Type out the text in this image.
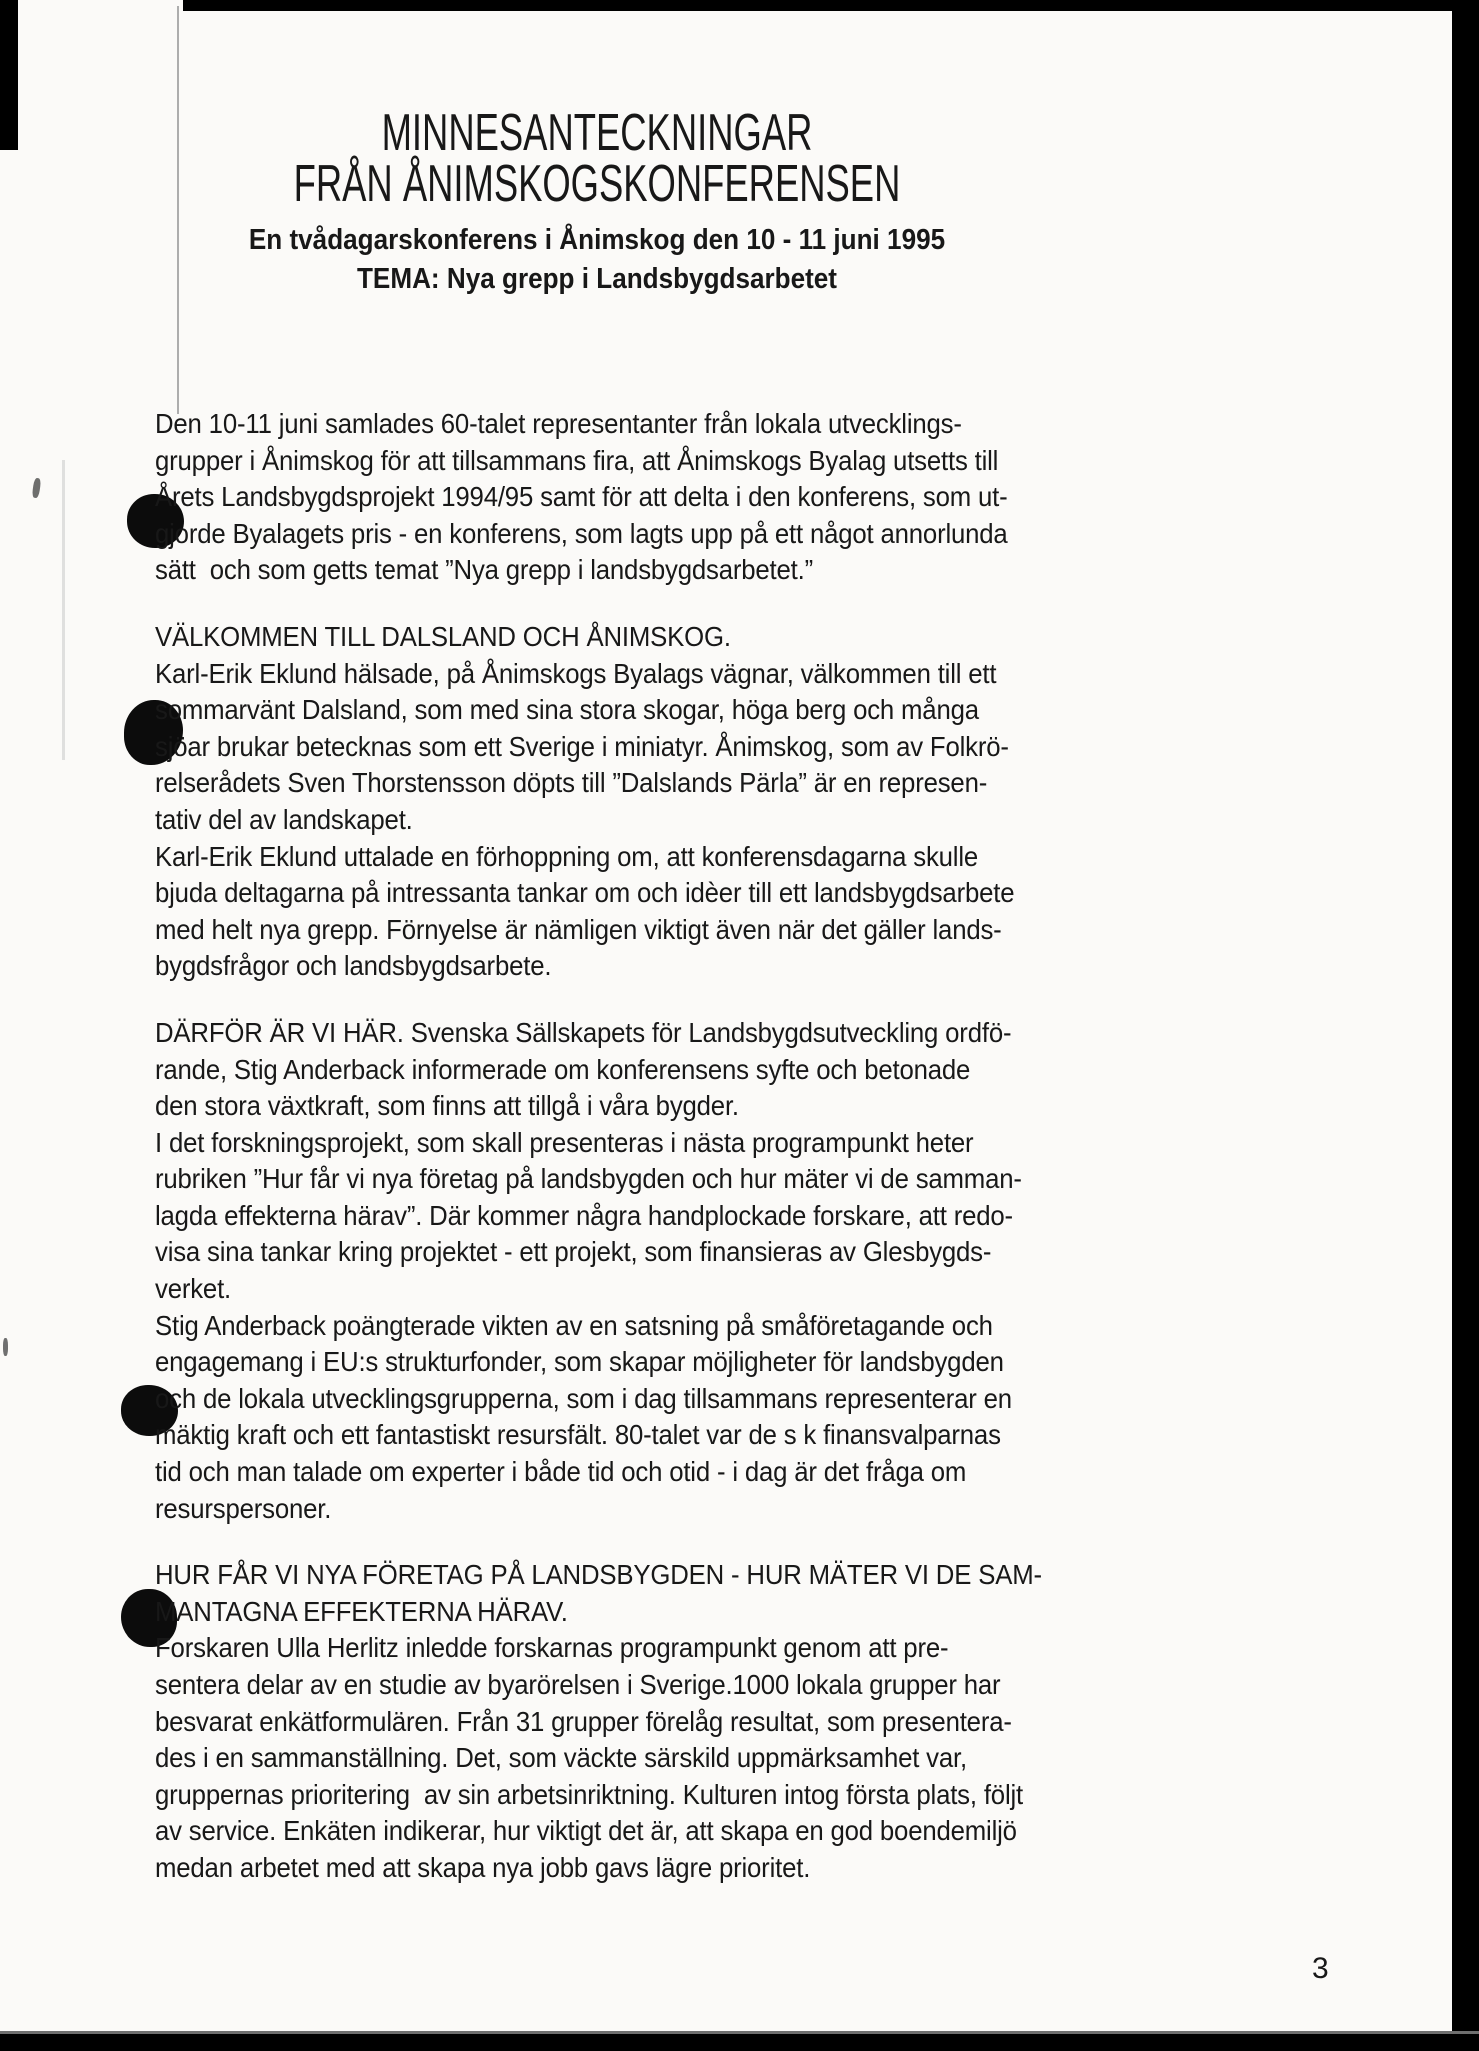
MINNESANTECKNINGAR
FRÅN ÅNIMSKOGSKONFERENSEN
En tvådagarskonferens i Ånimskog den 10 - 11 juni 1995
TEMA: Nya grepp i Landsbygdsarbetet
Den 10-11 juni samlades 60-talet representanter från lokala utvecklings-
grupper i Ånimskog för att tillsammans fira, att Ånimskogs Byalag utsetts till
Årets Landsbygdsprojekt 1994/95 samt för att delta i den konferens, som ut-
gjorde Byalagets pris - en konferens, som lagts upp på ett något annorlunda
sätt  och som getts temat ”Nya grepp i landsbygdsarbetet.”
VÄLKOMMEN TILL DALSLAND OCH ÅNIMSKOG.
Karl-Erik Eklund hälsade, på Ånimskogs Byalags vägnar, välkommen till ett
sommarvänt Dalsland, som med sina stora skogar, höga berg och många
sjöar brukar betecknas som ett Sverige i miniatyr. Ånimskog, som av Folkrö-
relserådets Sven Thorstensson döpts till ”Dalslands Pärla” är en represen-
tativ del av landskapet.
Karl-Erik Eklund uttalade en förhoppning om, att konferensdagarna skulle
bjuda deltagarna på intressanta tankar om och idèer till ett landsbygdsarbete
med helt nya grepp. Förnyelse är nämligen viktigt även när det gäller lands-
bygdsfrågor och landsbygdsarbete.
DÄRFÖR ÄR VI HÄR. Svenska Sällskapets för Landsbygdsutveckling ordfö-
rande, Stig Anderback informerade om konferensens syfte och betonade
den stora växtkraft, som finns att tillgå i våra bygder.
I det forskningsprojekt, som skall presenteras i nästa programpunkt heter
rubriken ”Hur får vi nya företag på landsbygden och hur mäter vi de samman-
lagda effekterna härav”. Där kommer några handplockade forskare, att redo-
visa sina tankar kring projektet - ett projekt, som finansieras av Glesbygds-
verket.
Stig Anderback poängterade vikten av en satsning på småföretagande och
engagemang i EU:s strukturfonder, som skapar möjligheter för landsbygden
och de lokala utvecklingsgrupperna, som i dag tillsammans representerar en
mäktig kraft och ett fantastiskt resursfält. 80-talet var de s k finansvalparnas
tid och man talade om experter i både tid och otid - i dag är det fråga om
resurspersoner.
HUR FÅR VI NYA FÖRETAG PÅ LANDSBYGDEN - HUR MÄTER VI DE SAM-
MANTAGNA EFFEKTERNA HÄRAV.
Forskaren Ulla Herlitz inledde forskarnas programpunkt genom att pre-
sentera delar av en studie av byarörelsen i Sverige.1000 lokala grupper har
besvarat enkätformulären. Från 31 grupper förelåg resultat, som presentera-
des i en sammanställning. Det, som väckte särskild uppmärksamhet var,
gruppernas prioritering  av sin arbetsinriktning. Kulturen intog första plats, följt
av service. Enkäten indikerar, hur viktigt det är, att skapa en god boendemiljö
medan arbetet med att skapa nya jobb gavs lägre prioritet.
3
